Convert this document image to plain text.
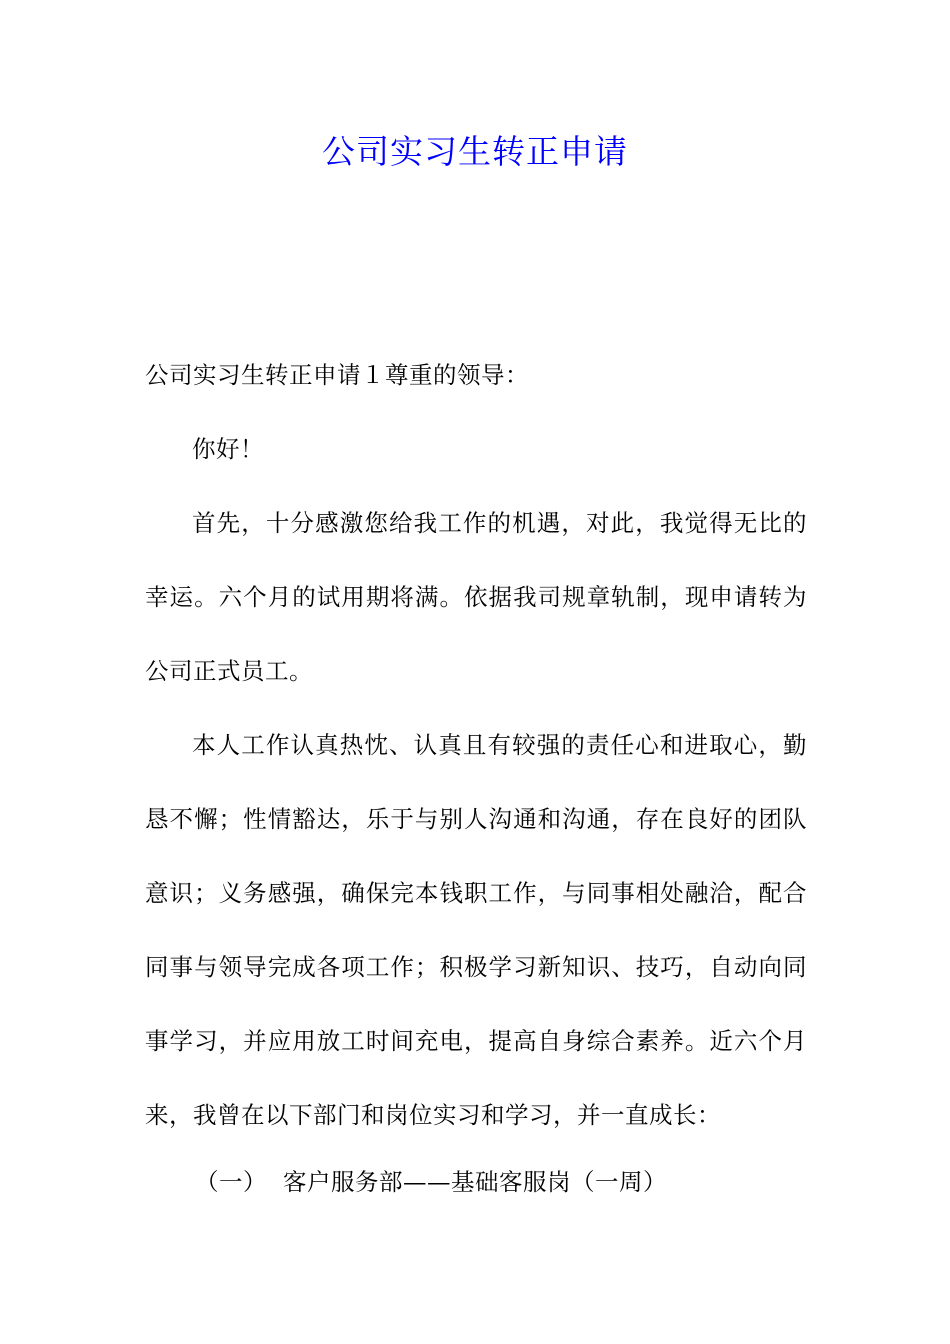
公司实习生转正申请

公司实习生转正申请１尊重的领导：

你好！

首先，十分感激您给我工作的机遇，对此，我觉得无比的幸运。六个月的试用期将满。依据我司规章轨制，现申请转为公司正式员工。

本人工作认真热忱、认真且有较强的责任心和进取心，勤恳不懈；性情豁达，乐于与别人沟通和沟通，存在良好的团队意识；义务感强，确保完本钱职工作，与同事相处融洽，配合同事与领导完成各项工作；积极学习新知识、技巧，自动向同事学习，并应用放工时间充电，提高自身综合素养。近六个月来，我曾在以下部门和岗位实习和学习，并一直成长：

（一）  客户服务部——基础客服岗（一周）
